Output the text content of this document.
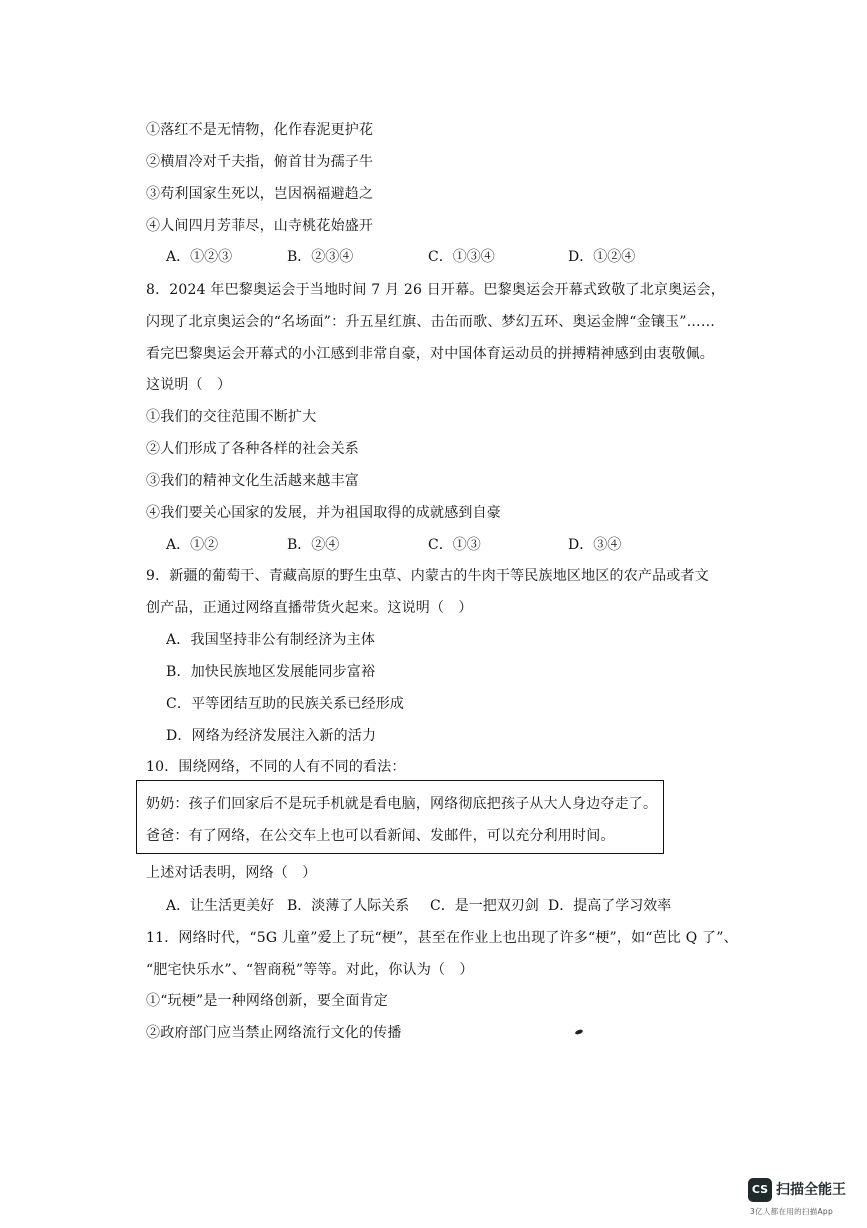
①落红不是无情物，化作春泥更护花
②横眉冷对千夫指，俯首甘为孺子牛
③苟利国家生死以，岂因祸福避趋之
④人间四月芳菲尽，山寺桃花始盛开
A．①②③	B．②③④	C．①③④	D．①②④
8．2024 年巴黎奥运会于当地时间 7 月 26 日开幕。巴黎奥运会开幕式致敬了北京奥运会，
闪现了北京奥运会的“名场面”：升五星红旗、击缶而歌、梦幻五环、奥运金牌“金镶玉”……
看完巴黎奥运会开幕式的小江感到非常自豪，对中国体育运动员的拼搏精神感到由衷敬佩。
这说明（　）
①我们的交往范围不断扩大
②人们形成了各种各样的社会关系
③我们的精神文化生活越来越丰富
④我们要关心国家的发展，并为祖国取得的成就感到自豪
A．①②	B．②④	C．①③	D．③④
9．新疆的葡萄干、青藏高原的野生虫草、内蒙古的牛肉干等民族地区地区的农产品或者文
创产品，正通过网络直播带货火起来。这说明（　）
A．我国坚持非公有制经济为主体
B．加快民族地区发展能同步富裕
C．平等团结互助的民族关系已经形成
D．网络为经济发展注入新的活力
10．围绕网络，不同的人有不同的看法：
奶奶：孩子们回家后不是玩手机就是看电脑，网络彻底把孩子从大人身边夺走了。
爸爸：有了网络，在公交车上也可以看新闻、发邮件，可以充分利用时间。
上述对话表明，网络（　）
A．让生活更美好 B．淡薄了人际关系 C．是一把双刃剑 D．提高了学习效率
11．网络时代，“5G 儿童”爱上了玩“梗”，甚至在作业上也出现了许多“梗”，如“芭比 Q 了”、
“肥宅快乐水”、“智商税”等等。对此，你认为（　）
①“玩梗”是一种网络创新，要全面肯定
②政府部门应当禁止网络流行文化的传播
CS 扫描全能王
3亿人都在用的扫描App
